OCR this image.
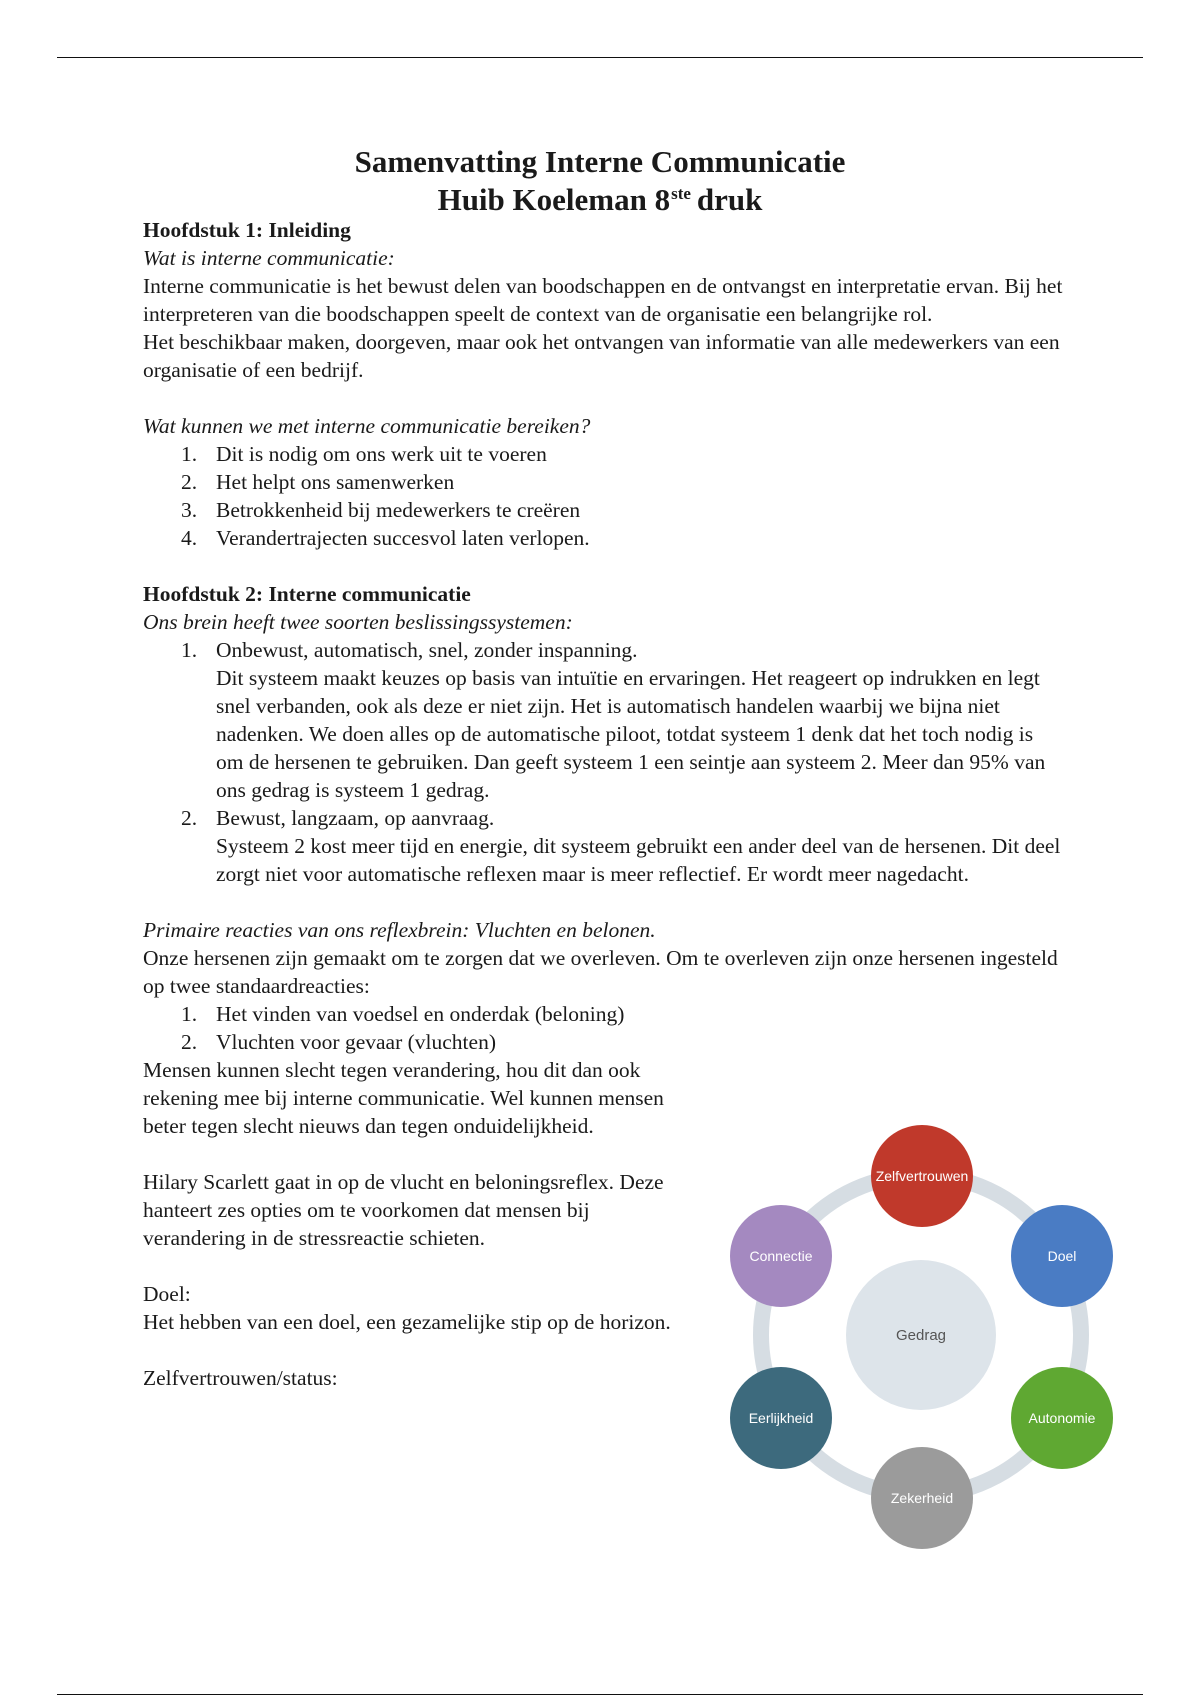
Samenvatting Interne Communicatie
Huib Koeleman 8ste druk

Hoofdstuk 1: Inleiding

Wat is interne communicatie:

Interne communicatie is het bewust delen van boodschappen en de ontvangst en interpretatie ervan. Bij het interpreteren van die boodschappen speelt de context van de organisatie een belangrijke rol.

Het beschikbaar maken, doorgeven, maar ook het ontvangen van informatie van alle medewerkers van een organisatie of een bedrijf.

Wat kunnen we met interne communicatie bereiken?

1. Dit is nodig om ons werk uit te voeren
2. Het helpt ons samenwerken
3. Betrokkenheid bij medewerkers te creëren
4. Verandertrajecten succesvol laten verlopen.

Hoofdstuk 2: Interne communicatie

Ons brein heeft twee soorten beslissingssystemen:

1. Onbewust, automatisch, snel, zonder inspanning.
Dit systeem maakt keuzes op basis van intuïtie en ervaringen. Het reageert op indrukken en legt snel verbanden, ook als deze er niet zijn. Het is automatisch handelen waarbij we bijna niet nadenken. We doen alles op de automatische piloot, totdat systeem 1 denk dat het toch nodig is om de hersenen te gebruiken. Dan geeft systeem 1 een seintje aan systeem 2. Meer dan 95% van ons gedrag is systeem 1 gedrag.
2. Bewust, langzaam, op aanvraag.
Systeem 2 kost meer tijd en energie, dit systeem gebruikt een ander deel van de hersenen. Dit deel zorgt niet voor automatische reflexen maar is meer reflectief. Er wordt meer nagedacht.

Primaire reacties van ons reflexbrein: Vluchten en belonen.

Onze hersenen zijn gemaakt om te zorgen dat we overleven. Om te overleven zijn onze hersenen ingesteld op twee standaardreacties:

1. Het vinden van voedsel en onderdak (beloning)
2. Vluchten voor gevaar (vluchten)

Mensen kunnen slecht tegen verandering, hou dit dan ook rekening mee bij interne communicatie. Wel kunnen mensen beter tegen slecht nieuws dan tegen onduidelijkheid.

Hilary Scarlett gaat in op de vlucht en beloningsreflex. Deze hanteert zes opties om te voorkomen dat mensen bij verandering in de stressreactie schieten.

Doel:

Het hebben van een doel, een gezamelijke stip op de horizon.

Zelfvertrouwen/status:

Gedrag
Zelfvertrouwen
Doel
Autonomie
Zekerheid
Eerlijkheid
Connectie
